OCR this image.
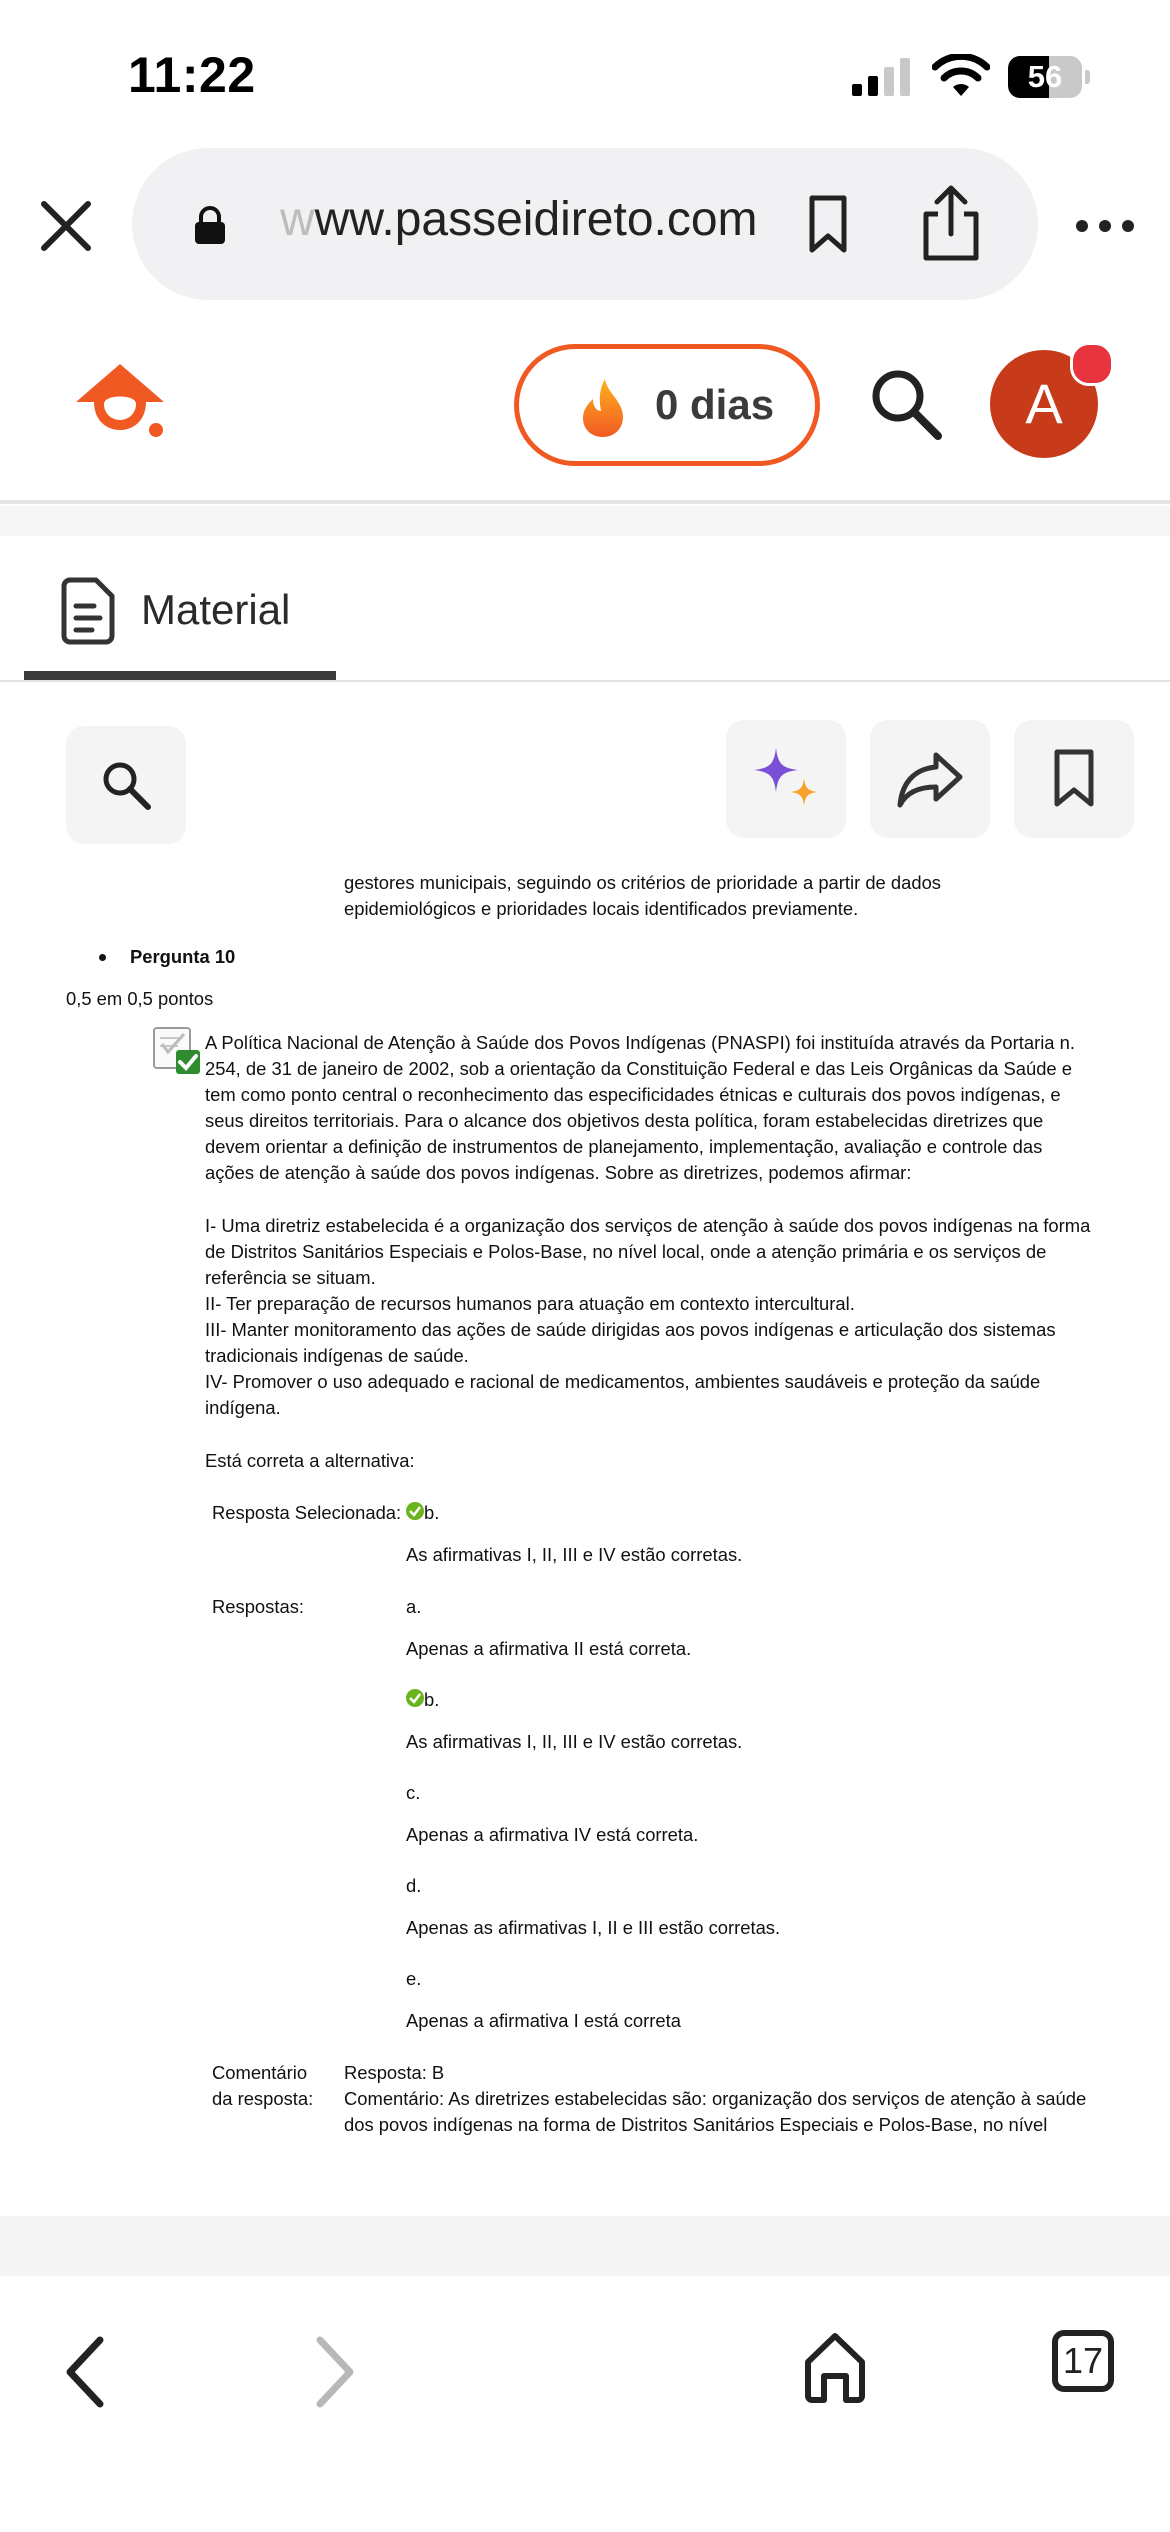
11:22	56
www.passeidireto.com
0 dias	A
Material
gestores municipais, seguindo os critérios de prioridade a partir de dados
epidemiológicos e prioridades locais identificados previamente.
Pergunta 10
0,5 em 0,5 pontos
A Política Nacional de Atenção à Saúde dos Povos Indígenas (PNASPI) foi instituída através da Portaria n.
254, de 31 de janeiro de 2002, sob a orientação da Constituição Federal e das Leis Orgânicas da Saúde e
tem como ponto central o reconhecimento das especificidades étnicas e culturais dos povos indígenas, e
seus direitos territoriais. Para o alcance dos objetivos desta política, foram estabelecidas diretrizes que
devem orientar a definição de instrumentos de planejamento, implementação, avaliação e controle das
ações de atenção à saúde dos povos indígenas. Sobre as diretrizes, podemos afirmar:
I- Uma diretriz estabelecida é a organização dos serviços de atenção à saúde dos povos indígenas na forma
de Distritos Sanitários Especiais e Polos-Base, no nível local, onde a atenção primária e os serviços de
referência se situam.
II- Ter preparação de recursos humanos para atuação em contexto intercultural.
III- Manter monitoramento das ações de saúde dirigidas aos povos indígenas e articulação dos sistemas
tradicionais indígenas de saúde.
IV- Promover o uso adequado e racional de medicamentos, ambientes saudáveis e proteção da saúde
indígena.
Está correta a alternativa:
Resposta Selecionada: b.
As afirmativas I, II, III e IV estão corretas.
Respostas:	a.
Apenas a afirmativa II está correta.
b.
As afirmativas I, II, III e IV estão corretas.
c.
Apenas a afirmativa IV está correta.
d.
Apenas as afirmativas I, II e III estão corretas.
e.
Apenas a afirmativa I está correta
Comentário
da resposta:
Resposta: B
Comentário: As diretrizes estabelecidas são: organização dos serviços de atenção à saúde
dos povos indígenas na forma de Distritos Sanitários Especiais e Polos-Base, no nível
17
